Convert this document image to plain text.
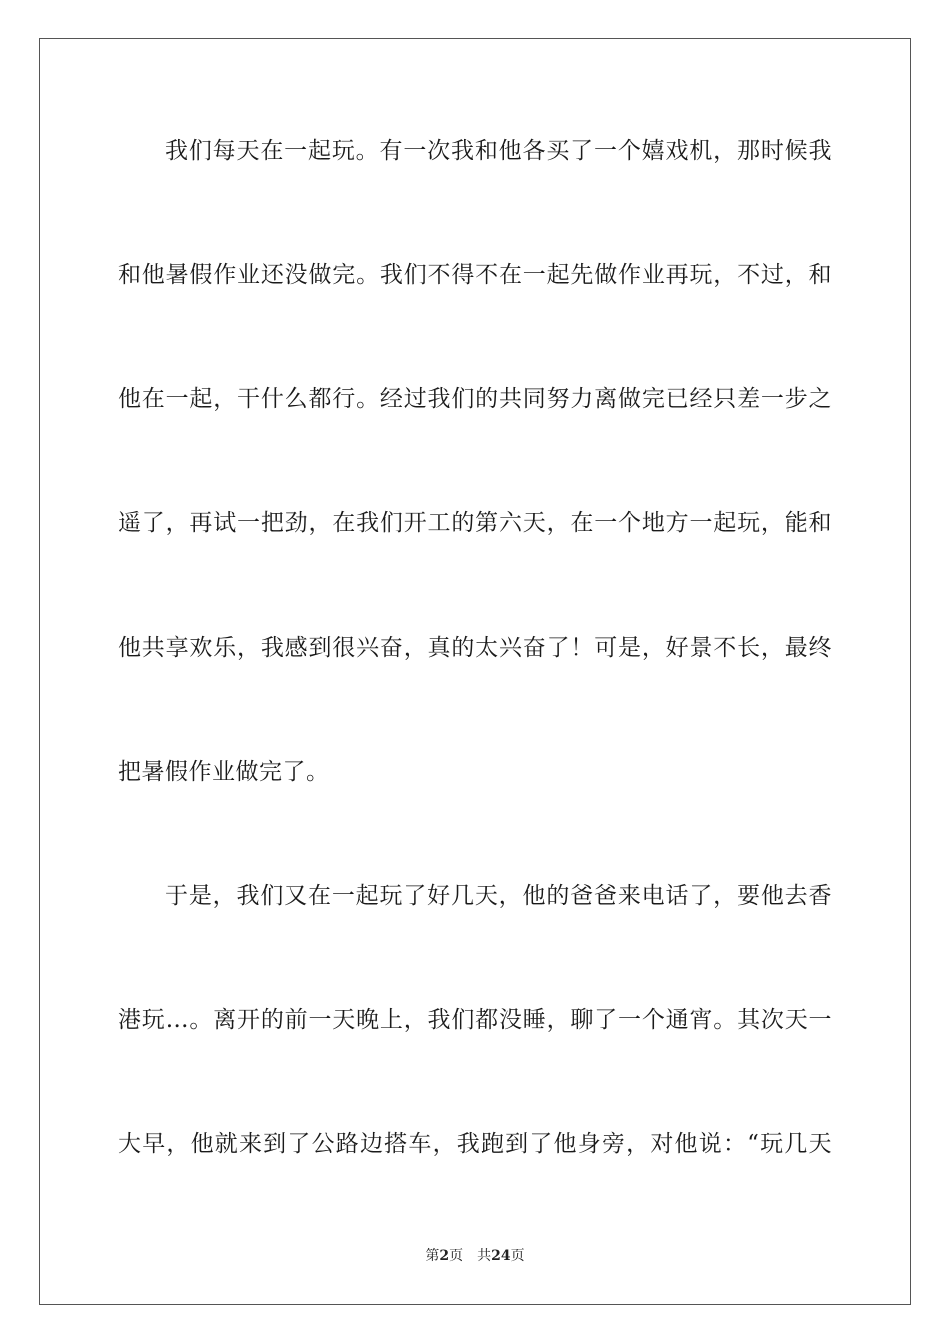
我们每天在一起玩。有一次我和他各买了一个嬉戏机，那时候我
和他暑假作业还没做完。我们不得不在一起先做作业再玩，不过，和
他在一起，干什么都行。经过我们的共同努力离做完已经只差一步之
遥了，再试一把劲，在我们开工的第六天，在一个地方一起玩，能和
他共享欢乐，我感到很兴奋，真的太兴奋了！可是，好景不长，最终
把暑假作业做完了。
于是，我们又在一起玩了好几天，他的爸爸来电话了，要他去香
港玩…。离开的前一天晚上，我们都没睡，聊了一个通宵。其次天一
大早，他就来到了公路边搭车，我跑到了他身旁，对他说：“玩几天
第2页 共24页
